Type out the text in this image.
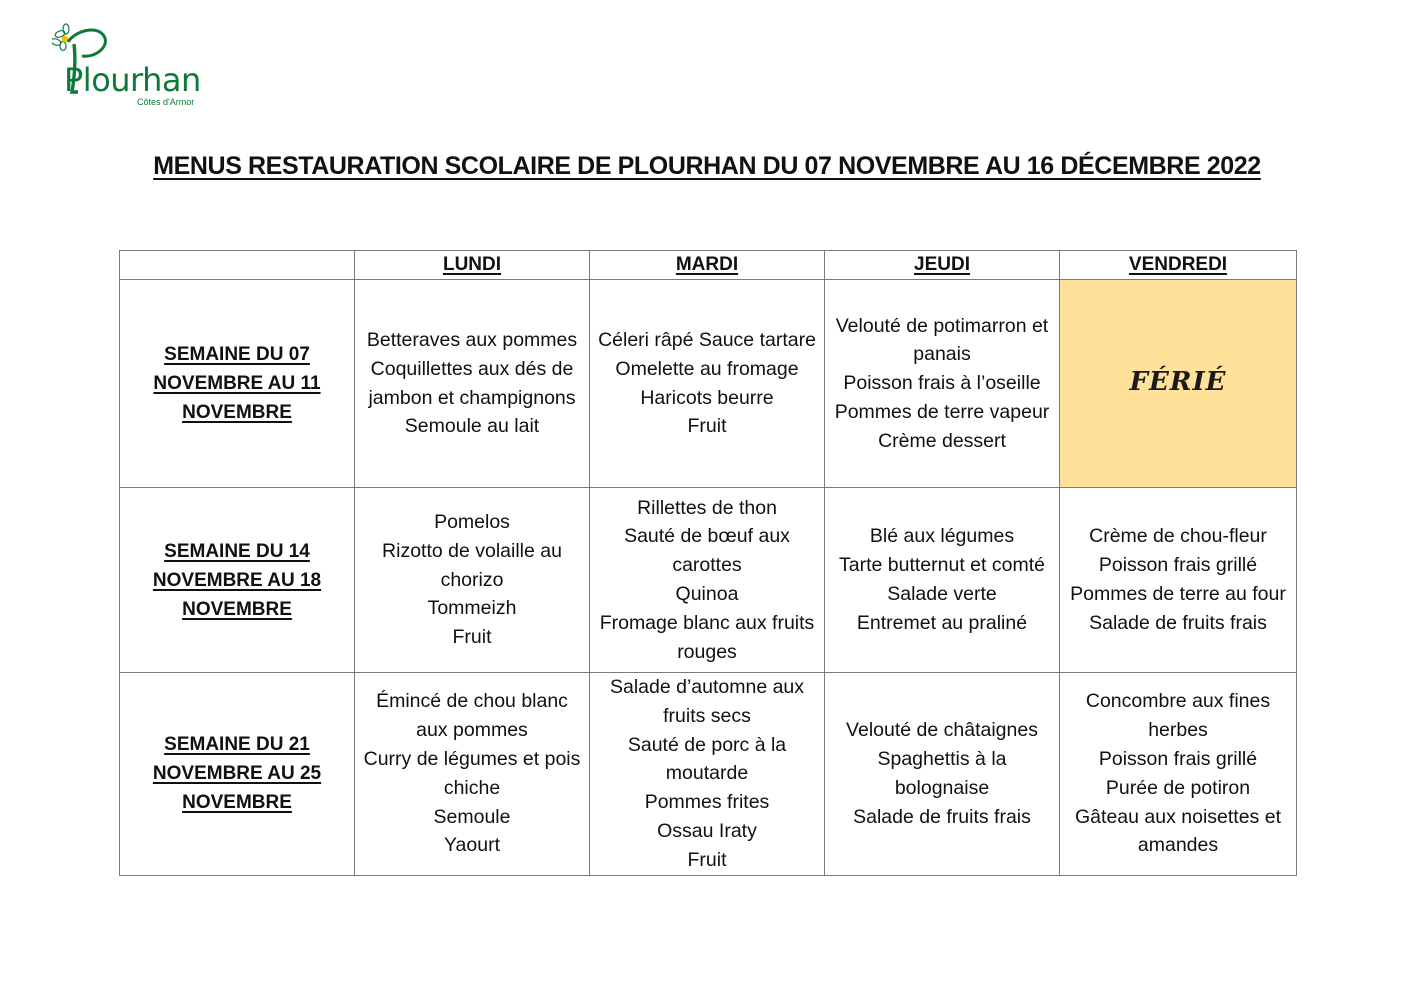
Plourhan
Côtes d'Armor
MENUS RESTAURATION SCOLAIRE DE PLOURHAN DU 07 NOVEMBRE AU 16 DÉCEMBRE 2022
	LUNDI	MARDI	JEUDI	VENDREDI
SEMAINE DU 07 NOVEMBRE AU 11 NOVEMBRE	Betteraves aux pommes
Coquillettes aux dés de jambon et champignons
Semoule au lait	Céleri râpé Sauce tartare
Omelette au fromage
Haricots beurre
Fruit	Velouté de potimarron et panais
Poisson frais à l’oseille
Pommes de terre vapeur
Crème dessert	FÉRIÉ
SEMAINE DU 14 NOVEMBRE AU 18 NOVEMBRE	Pomelos
Rizotto de volaille au chorizo
Tommeizh
Fruit	Rillettes de thon
Sauté de bœuf aux carottes
Quinoa
Fromage blanc aux fruits rouges	Blé aux légumes
Tarte butternut et comté
Salade verte
Entremet au praliné	Crème de chou-fleur
Poisson frais grillé
Pommes de terre au four
Salade de fruits frais

SEMAINE DU 21 NOVEMBRE AU 25 NOVEMBRE	Émincé de chou blanc aux pommes
Curry de légumes et pois chiche
Semoule
Yaourt	Salade d’automne aux fruits secs
Sauté de porc à la moutarde
Pommes frites
Ossau Iraty
Fruit	Velouté de châtaignes
Spaghettis à la bolognaise
Salade de fruits frais	Concombre aux fines herbes
Poisson frais grillé
Purée de potiron
Gâteau aux noisettes et amandes
